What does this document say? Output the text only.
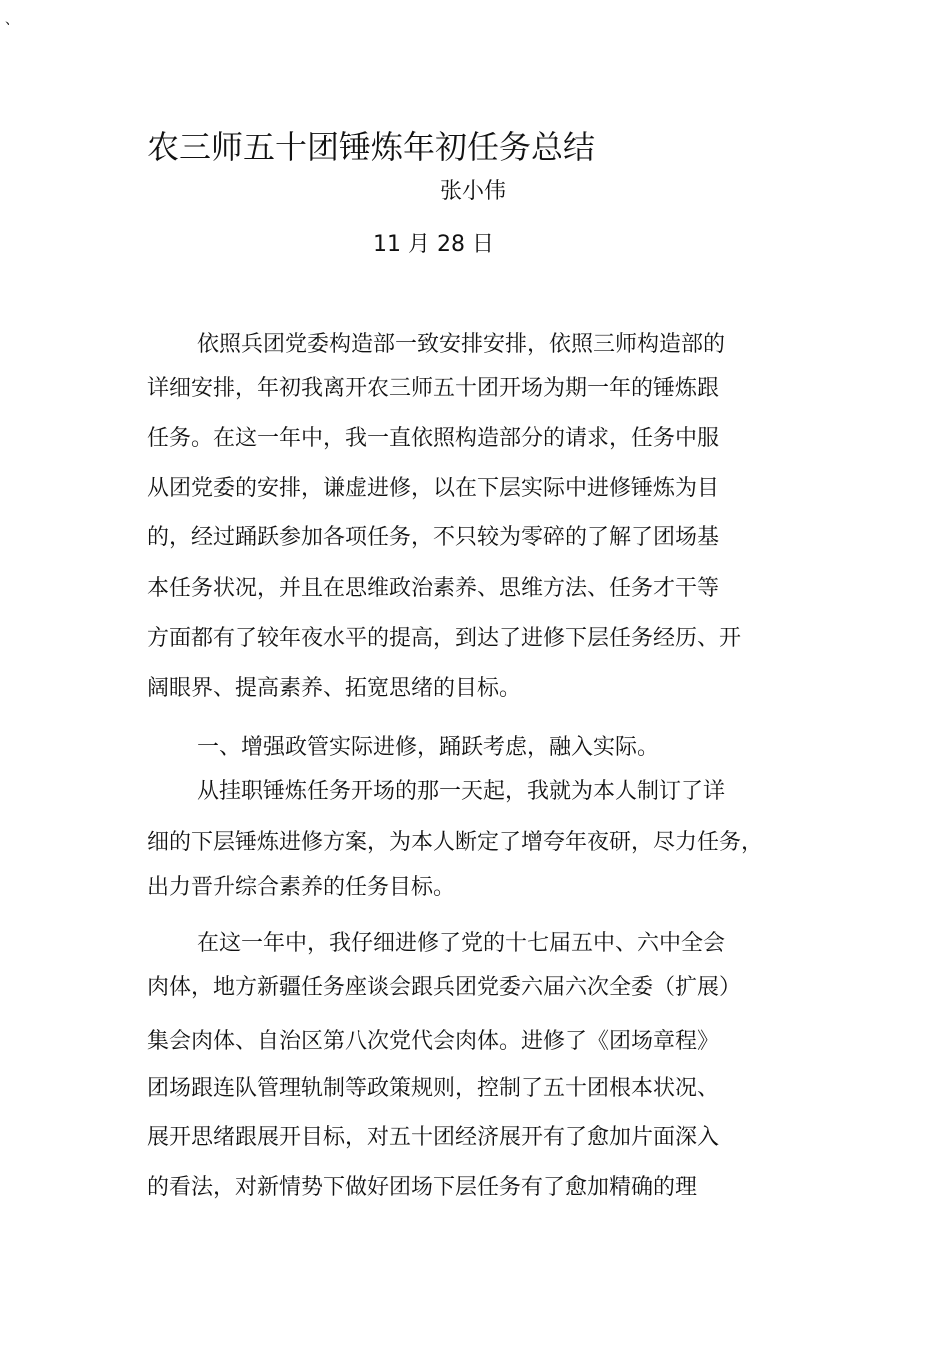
、
农三师五十团锤炼年初任务总结
张小伟
11 月 28 日
依照兵团党委构造部一致安排安排，依照三师构造部的
详细安排，年初我离开农三师五十团开场为期一年的锤炼跟
任务。在这一年中，我一直依照构造部分的请求，任务中服
从团党委的安排，谦虚进修，以在下层实际中进修锤炼为目
的，经过踊跃参加各项任务，不只较为零碎的了解了团场基
本任务状况，并且在思维政治素养、思维方法、任务才干等
方面都有了较年夜水平的提高，到达了进修下层任务经历、开
阔眼界、提高素养、拓宽思绪的目标。
一、增强政管实际进修，踊跃考虑，融入实际。
从挂职锤炼任务开场的那一天起，我就为本人制订了详
细的下层锤炼进修方案，为本人断定了增夸年夜研，尽力任务，
出力晋升综合素养的任务目标。
在这一年中，我仔细进修了党的十七届五中、六中全会
肉体，地方新疆任务座谈会跟兵团党委六届六次全委（扩展）
集会肉体、自治区第八次党代会肉体。进修了《团场章程》
团场跟连队管理轨制等政策规则，控制了五十团根本状况、
展开思绪跟展开目标，对五十团经济展开有了愈加片面深入
的看法，对新情势下做好团场下层任务有了愈加精确的理
